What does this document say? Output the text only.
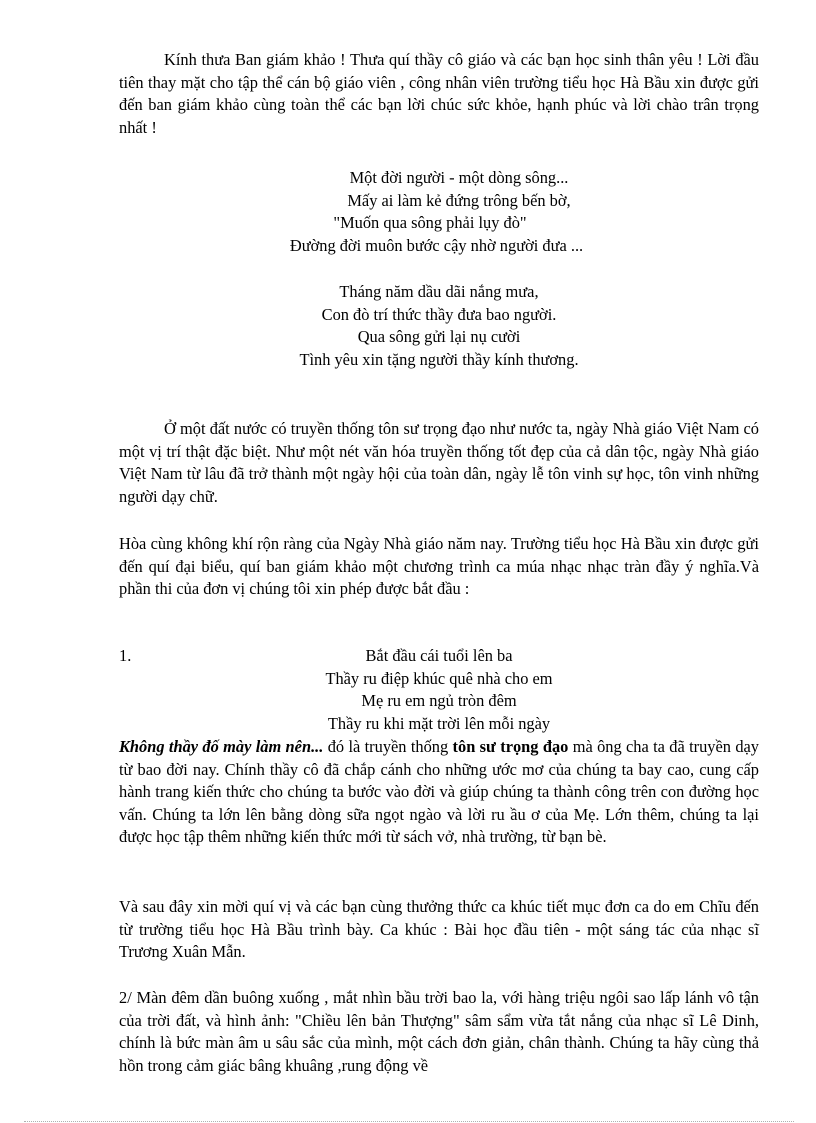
Kính thưa Ban giám khảo ! Thưa quí thầy cô giáo và các bạn học sinh thân yêu ! Lời đầu tiên thay mặt cho tập thể cán bộ giáo viên , công nhân viên trường tiểu học Hà Bầu xin được gửi đến ban giám khảo cùng toàn thể các bạn lời chúc sức khỏe, hạnh phúc và lời chào trân trọng nhất !

Một đời người - một dòng sông...
Mấy ai làm kẻ đứng trông bến bờ,
"Muốn qua sông phải lụy đò"
Đường đời muôn bước cậy nhờ người đưa ...
Tháng năm dầu dãi nắng mưa,
Con đò trí thức thầy đưa bao người.
Qua sông gửi lại nụ cười
Tình yêu xin tặng người thầy kính thương.

Ở một đất nước có truyền thống tôn sư trọng đạo như nước ta, ngày Nhà giáo Việt Nam có một vị trí thật đặc biệt. Như một nét văn hóa truyền thống tốt đẹp của cả dân tộc, ngày Nhà giáo Việt Nam từ lâu đã trở thành một ngày hội của toàn dân, ngày lễ tôn vinh sự học, tôn vinh những người dạy chữ.

Hòa cùng không khí rộn ràng của Ngày Nhà giáo năm nay. Trường tiểu học Hà Bầu xin được gửi đến quí đại biểu, quí ban giám khảo một chương trình ca múa nhạc nhạc tràn đầy ý nghĩa.Và phần thi của đơn vị chúng tôi xin phép được bắt đầu :

1.	Bắt đầu cái tuổi lên ba
Thầy ru điệp khúc quê nhà cho em
Mẹ ru em ngủ tròn đêm
Thầy ru khi mặt trời lên mỗi ngày

Không thầy đố mày làm nên... đó là truyền thống tôn sư trọng đạo mà ông cha ta đã truyền dạy từ bao đời nay. Chính thầy cô đã chắp cánh cho những ước mơ của chúng ta bay cao, cung cấp hành trang kiến thức cho chúng ta bước vào đời và giúp chúng ta thành công trên con đường học vấn. Chúng ta lớn lên bằng dòng sữa ngọt ngào và lời ru ầu ơ của Mẹ. Lớn thêm, chúng ta lại được học tập thêm những kiến thức mới từ sách vở, nhà trường, từ bạn bè.

Và sau đây xin mời quí vị và các bạn cùng thưởng thức ca khúc tiết mục đơn ca do em Chĩu đến từ trường tiểu học Hà Bầu trình bày. Ca khúc : Bài học đầu tiên - một sáng tác của nhạc sĩ Trương Xuân Mẫn.

2/ Màn đêm dần buông xuống , mắt nhìn bầu trời bao la, với hàng triệu ngôi sao lấp lánh vô tận của trời đất, và hình ảnh: "Chiều lên bản Thượng" sâm sẩm vừa tắt nắng của nhạc sĩ Lê Dinh, chính là bức màn âm u sâu sắc của mình, một cách đơn giản, chân thành. Chúng ta hãy cùng thả hồn trong cảm giác bâng khuâng ,rung động về
